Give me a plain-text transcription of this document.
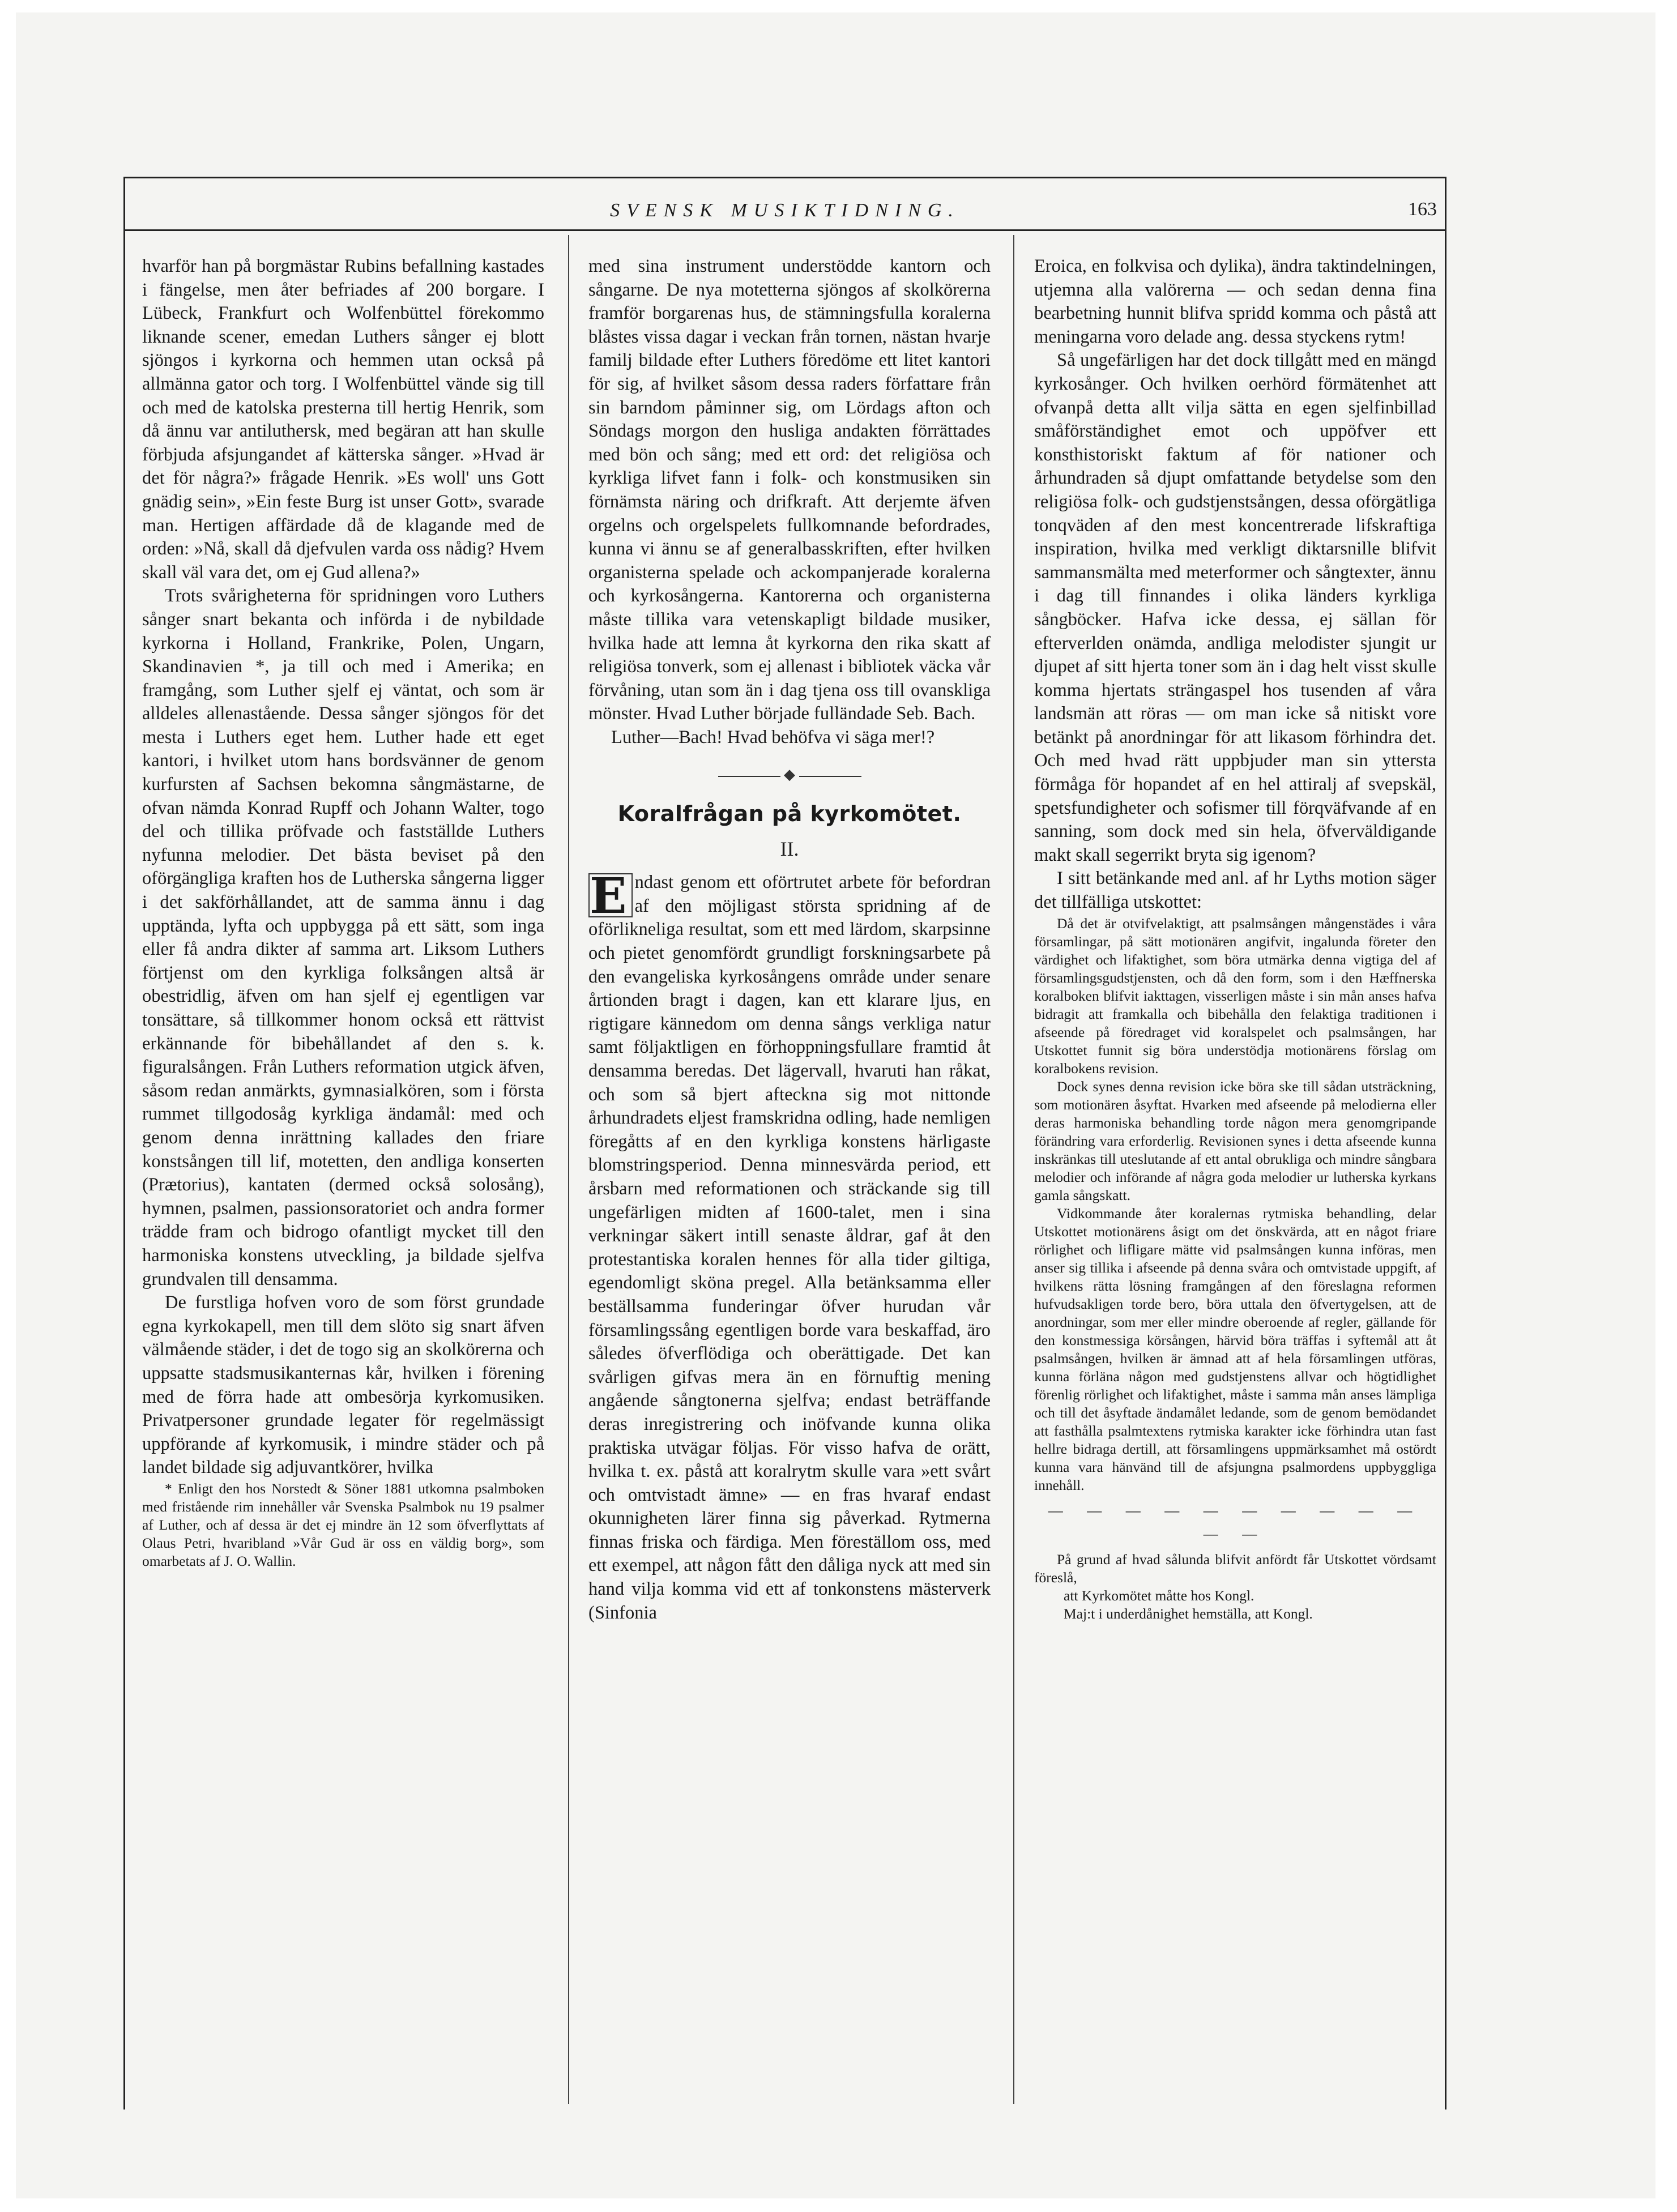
SVENSK MUSIKTIDNING.	163

hvarför han på borgmästar Rubins befallning kastades i fängelse, men åter befriades af 200 borgare. I Lübeck, Frankfurt och Wolfenbüttel förekommo liknande scener, emedan Luthers sånger ej blott sjöngos i kyrkorna och hemmen utan också på allmänna gator och torg. I Wolfenbüttel vände sig till och med de katolska presterna till hertig Henrik, som då ännu var antiluthersk, med begäran att han skulle förbjuda afsjungandet af kätterska sånger. »Hvad är det för några?» frågade Henrik. »Es woll' uns Gott gnädig sein», »Ein feste Burg ist unser Gott», svarade man. Hertigen affärdade då de klagande med de orden: »Nå, skall då djefvulen varda oss nådig? Hvem skall väl vara det, om ej Gud allena?»

Trots svårigheterna för spridningen voro Luthers sånger snart bekanta och införda i de nybildade kyrkorna i Holland, Frankrike, Polen, Ungarn, Skandinavien *, ja till och med i Amerika; en framgång, som Luther sjelf ej väntat, och som är alldeles allenastående. Dessa sånger sjöngos för det mesta i Luthers eget hem. Luther hade ett eget kantori, i hvilket utom hans bordsvänner de genom kurfursten af Sachsen bekomna sångmästarne, de ofvan nämda Konrad Rupff och Johann Walter, togo del och tillika pröfvade och fastställde Luthers nyfunna melodier. Det bästa beviset på den oförgängliga kraften hos de Lutherska sångerna ligger i det sakförhållandet, att de samma ännu i dag upptända, lyfta och uppbygga på ett sätt, som inga eller få andra dikter af samma art. Liksom Luthers förtjenst om den kyrkliga folksången altså är obestridlig, äfven om han sjelf ej egentligen var tonsättare, så tillkommer honom också ett rättvist erkännande för bibehållandet af den s. k. figuralsången. Från Luthers reformation utgick äfven, såsom redan anmärkts, gymnasialkören, som i första rummet tillgodosåg kyrkliga ändamål: med och genom denna inrättning kallades den friare konstsången till lif, motetten, den andliga konserten (Prætorius), kantaten (dermed också solosång), hymnen, psalmen, passionsoratoriet och andra former trädde fram och bidrogo ofantligt mycket till den harmoniska konstens utveckling, ja bildade sjelfva grundvalen till densamma.

De furstliga hofven voro de som först grundade egna kyrkokapell, men till dem slöto sig snart äfven välmående städer, i det de togo sig an skolkörerna och uppsatte stadsmusikanternas kår, hvilken i förening med de förra hade att ombesörja kyrkomusiken. Privatpersoner grundade legater för regelmässigt uppförande af kyrkomusik, i mindre städer och på landet bildade sig adjuvantkörer, hvilka

* Enligt den hos Norstedt & Söner 1881 utkomna psalmboken med fristående rim innehåller vår Svenska Psalmbok nu 19 psalmer af Luther, och af dessa är det ej mindre än 12 som öfverflyttats af Olaus Petri, hvaribland »Vår Gud är oss en väldig borg», som omarbetats af J. O. Wallin.

med sina instrument understödde kantorn och sångarne. De nya motetterna sjöngos af skolkörerna framför borgarenas hus, de stämningsfulla koralerna blåstes vissa dagar i veckan från tornen, nästan hvarje familj bildade efter Luthers föredöme ett litet kantori för sig, af hvilket såsom dessa raders författare från sin barndom påminner sig, om Lördags afton och Söndags morgon den husliga andakten förrättades med bön och sång; med ett ord: det religiösa och kyrkliga lifvet fann i folk- och konstmusiken sin förnämsta näring och drifkraft. Att derjemte äfven orgelns och orgelspelets fullkomnande befordrades, kunna vi ännu se af generalbasskriften, efter hvilken organisterna spelade och ackompanjerade koralerna och kyrkosångerna. Kantorerna och organisterna måste tillika vara vetenskapligt bildade musiker, hvilka hade att lemna åt kyrkorna den rika skatt af religiösa tonverk, som ej allenast i bibliotek väcka vår förvåning, utan som än i dag tjena oss till ovanskliga mönster. Hvad Luther började fulländade Seb. Bach.

Luther—Bach! Hvad behöfva vi säga mer!?

◆
Koralfrågan på kyrkomötet.
II.
E ndast genom ett oförtrutet arbete för befordran af den möjligast största spridning af de oförlikneliga resultat, som ett med lärdom, skarpsinne och pietet genomfördt grundligt forskningsarbete på den evangeliska kyrkosångens område under senare årtionden bragt i dagen, kan ett klarare ljus, en rigtigare kännedom om denna sångs verkliga natur samt följaktligen en förhoppningsfullare framtid åt densamma beredas. Det lägervall, hvaruti han råkat, och som så bjert afteckna sig mot nittonde århundradets eljest framskridna odling, hade nemligen föregåtts af en den kyrkliga konstens härligaste blomstringsperiod. Denna minnesvärda period, ett årsbarn med reformationen och sträckande sig till ungefärligen midten af 1600-talet, men i sina verkningar säkert intill senaste åldrar, gaf åt den protestantiska koralen hennes för alla tider giltiga, egendomligt sköna pregel. Alla betänksamma eller beställsamma funderingar öfver hurudan vår församlingssång egentligen borde vara beskaffad, äro således öfverflödiga och oberättigade. Det kan svårligen gifvas mera än en förnuftig mening angående sångtonerna sjelfva; endast beträffande deras inregistrering och inöfvande kunna olika praktiska utvägar följas. För visso hafva de orätt, hvilka t. ex. påstå att koralrytm skulle vara »ett svårt och omtvistadt ämne» — en fras hvaraf endast okunnigheten lärer finna sig påverkad. Rytmerna finnas friska och färdiga. Men föreställom oss, med ett exempel, att någon fått den dåliga nyck att med sin hand vilja komma vid ett af tonkonstens mästerverk (Sinfonia

Eroica, en folkvisa och dylika), ändra taktindelningen, utjemna alla valörerna — och sedan denna fina bearbetning hunnit blifva spridd komma och påstå att meningarna voro delade ang. dessa styckens rytm!

Så ungefärligen har det dock tillgått med en mängd kyrkosånger. Och hvilken oerhörd förmätenhet att ofvanpå detta allt vilja sätta en egen sjelfinbillad småförständighet emot och uppöfver ett konsthistoriskt faktum af för nationer och århundraden så djupt omfattande betydelse som den religiösa folk- och gudstjenstsången, dessa oförgätliga tonqväden af den mest koncentrerade lifskraftiga inspiration, hvilka med verkligt diktarsnille blifvit sammansmälta med meterformer och sångtexter, ännu i dag till finnandes i olika länders kyrkliga sångböcker. Hafva icke dessa, ej sällan för efterverlden onämda, andliga melodister sjungit ur djupet af sitt hjerta toner som än i dag helt visst skulle komma hjertats strängaspel hos tusenden af våra landsmän att röras — om man icke så nitiskt vore betänkt på anordningar för att likasom förhindra det. Och med hvad rätt uppbjuder man sin yttersta förmåga för hopandet af en hel attiralj af svepskäl, spetsfundigheter och sofismer till förqväfvande af en sanning, som dock med sin hela, öfverväldigande makt skall segerrikt bryta sig igenom?

I sitt betänkande med anl. af hr Lyths motion säger det tillfälliga utskottet:

Då det är otvifvelaktigt, att psalmsången mångenstädes i våra församlingar, på sätt motionären angifvit, ingalunda företer den värdighet och lifaktighet, som böra utmärka denna vigtiga del af församlingsgudstjensten, och då den form, som i den Hæffnerska koralboken blifvit iakttagen, visserligen måste i sin mån anses hafva bidragit att framkalla och bibehålla den felaktiga traditionen i afseende på föredraget vid koralspelet och psalmsången, har Utskottet funnit sig böra understödja motionärens förslag om koralbokens revision.

Dock synes denna revision icke böra ske till sådan utsträckning, som motionären åsyftat. Hvarken med afseende på melodierna eller deras harmoniska behandling torde någon mera genomgripande förändring vara erforderlig. Revisionen synes i detta afseende kunna inskränkas till uteslutande af ett antal obrukliga och mindre sångbara melodier och införande af några goda melodier ur lutherska kyrkans gamla sångskatt.

Vidkommande åter koralernas rytmiska behandling, delar Utskottet motionärens åsigt om det önskvärda, att en något friare rörlighet och lifligare mätte vid psalmsången kunna införas, men anser sig tillika i afseende på denna svåra och omtvistade uppgift, af hvilkens rätta lösning framgången af den föreslagna reformen hufvudsakligen torde bero, böra uttala den öfvertygelsen, att de anordningar, som mer eller mindre oberoende af regler, gällande för den konstmessiga körsången, härvid böra träffas i syftemål att åt psalmsången, hvilken är ämnad att af hela församlingen utföras, kunna förläna någon med gudstjenstens allvar och högtidlighet förenlig rörlighet och lifaktighet, måste i samma mån anses lämpliga och till det åsyftade ändamålet ledande, som de genom bemödandet att fasthålla psalmtextens rytmiska karakter icke förhindra utan fast hellre bidraga dertill, att församlingens uppmärksamhet må ostördt kunna vara hänvänd till de afsjungna psalmordens uppbyggliga innehåll.

— — — — — — — — — — — —

På grund af hvad sålunda blifvit anfördt får Utskottet vördsamt föreslå,

att Kyrkomötet måtte hos Kongl.

Maj:t i underdånighet hemställa, att Kongl.
